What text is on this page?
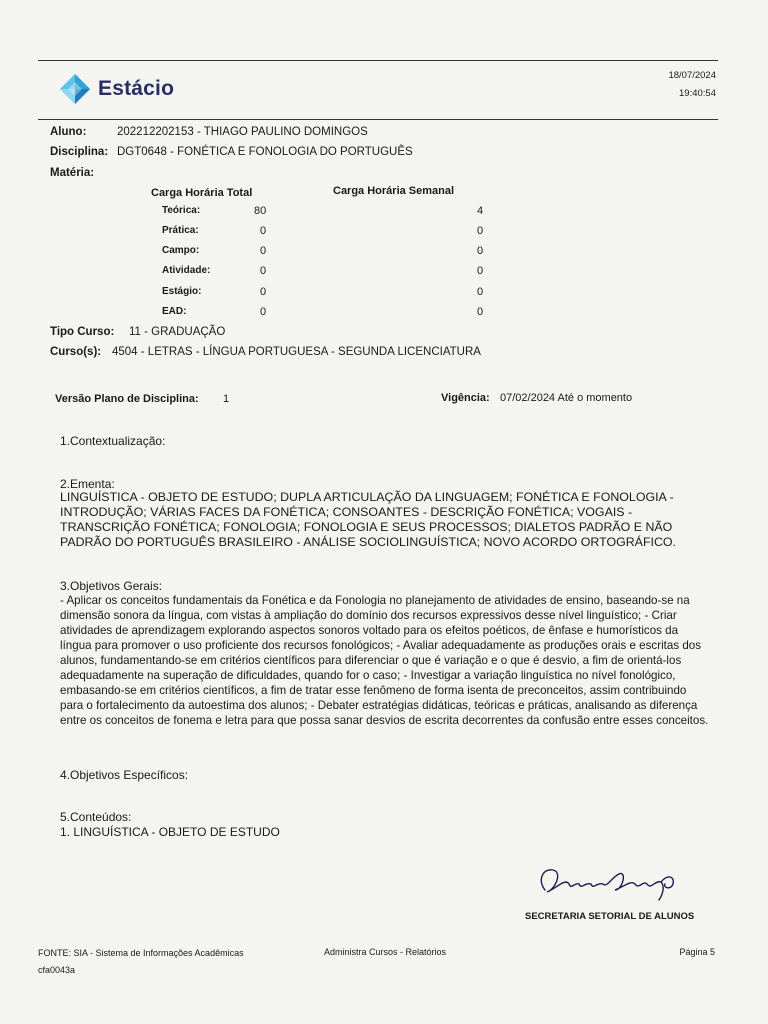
Estácio
18/07/2024
19:40:54
Aluno:	202212202153 - THIAGO PAULINO DOMINGOS
Disciplina: DGT0648 - FONÉTICA E FONOLOGIA DO PORTUGUÊS
Matéria:
Carga Horária Total	Carga Horária Semanal
Teórica:	80	4
Prática:	0	0
Campo:	0	0
Atividade:	0	0
Estágio:	0	0
EAD:	0	0
Tipo Curso: 11 - GRADUAÇÃO
Curso(s): 4504 - LETRAS - LÍNGUA PORTUGUESA - SEGUNDA LICENCIATURA
Versão Plano de Disciplina: 1	Vigência: 07/02/2024 Até o momento
1.Contextualização:
2.Ementa:

LINGUÍSTICA - OBJETO DE ESTUDO; DUPLA ARTICULAÇÃO DA LINGUAGEM; FONÉTICA E FONOLOGIA - INTRODUÇÃO; VÁRIAS FACES DA FONÉTICA; CONSOANTES - DESCRIÇÃO FONÉTICA; VOGAIS - TRANSCRIÇÃO FONÉTICA; FONOLOGIA; FONOLOGIA E SEUS PROCESSOS; DIALETOS PADRÃO E NÃO PADRÃO DO PORTUGUÊS BRASILEIRO - ANÁLISE SOCIOLINGUÍSTICA; NOVO ACORDO ORTOGRÁFICO.

3.Objetivos Gerais:

- Aplicar os conceitos fundamentais da Fonética e da Fonologia no planejamento de atividades de ensino, baseando-se na dimensão sonora da língua, com vistas à ampliação do domínio dos recursos expressivos desse nível linguístico; - Criar atividades de aprendizagem explorando aspectos sonoros voltado para os efeitos poéticos, de ênfase e humorísticos da língua para promover o uso proficiente dos recursos fonológicos; - Avaliar adequadamente as produções orais e escritas dos alunos, fundamentando-se em critérios científicos para diferenciar o que é variação e o que é desvio, a fim de orientá-los adequadamente na superação de dificuldades, quando for o caso; - Investigar a variação linguística no nível fonológico, embasando-se em critérios científicos, a fim de tratar esse fenômeno de forma isenta de preconceitos, assim contribuindo para o fortalecimento da autoestima dos alunos; - Debater estratégias didáticas, teóricas e práticas, analisando as diferença entre os conceitos de fonema e letra para que possa sanar desvios de escrita decorrentes da confusão entre esses conceitos.

4.Objetivos Específicos:
5.Conteúdos:
1. LINGUÍSTICA - OBJETO DE ESTUDO
SECRETARIA SETORIAL DE ALUNOS
FONTE: SIA - Sistema de Informações Acadêmicas
cfa0043a
Administra Cursos - Relatórios	Página 5
